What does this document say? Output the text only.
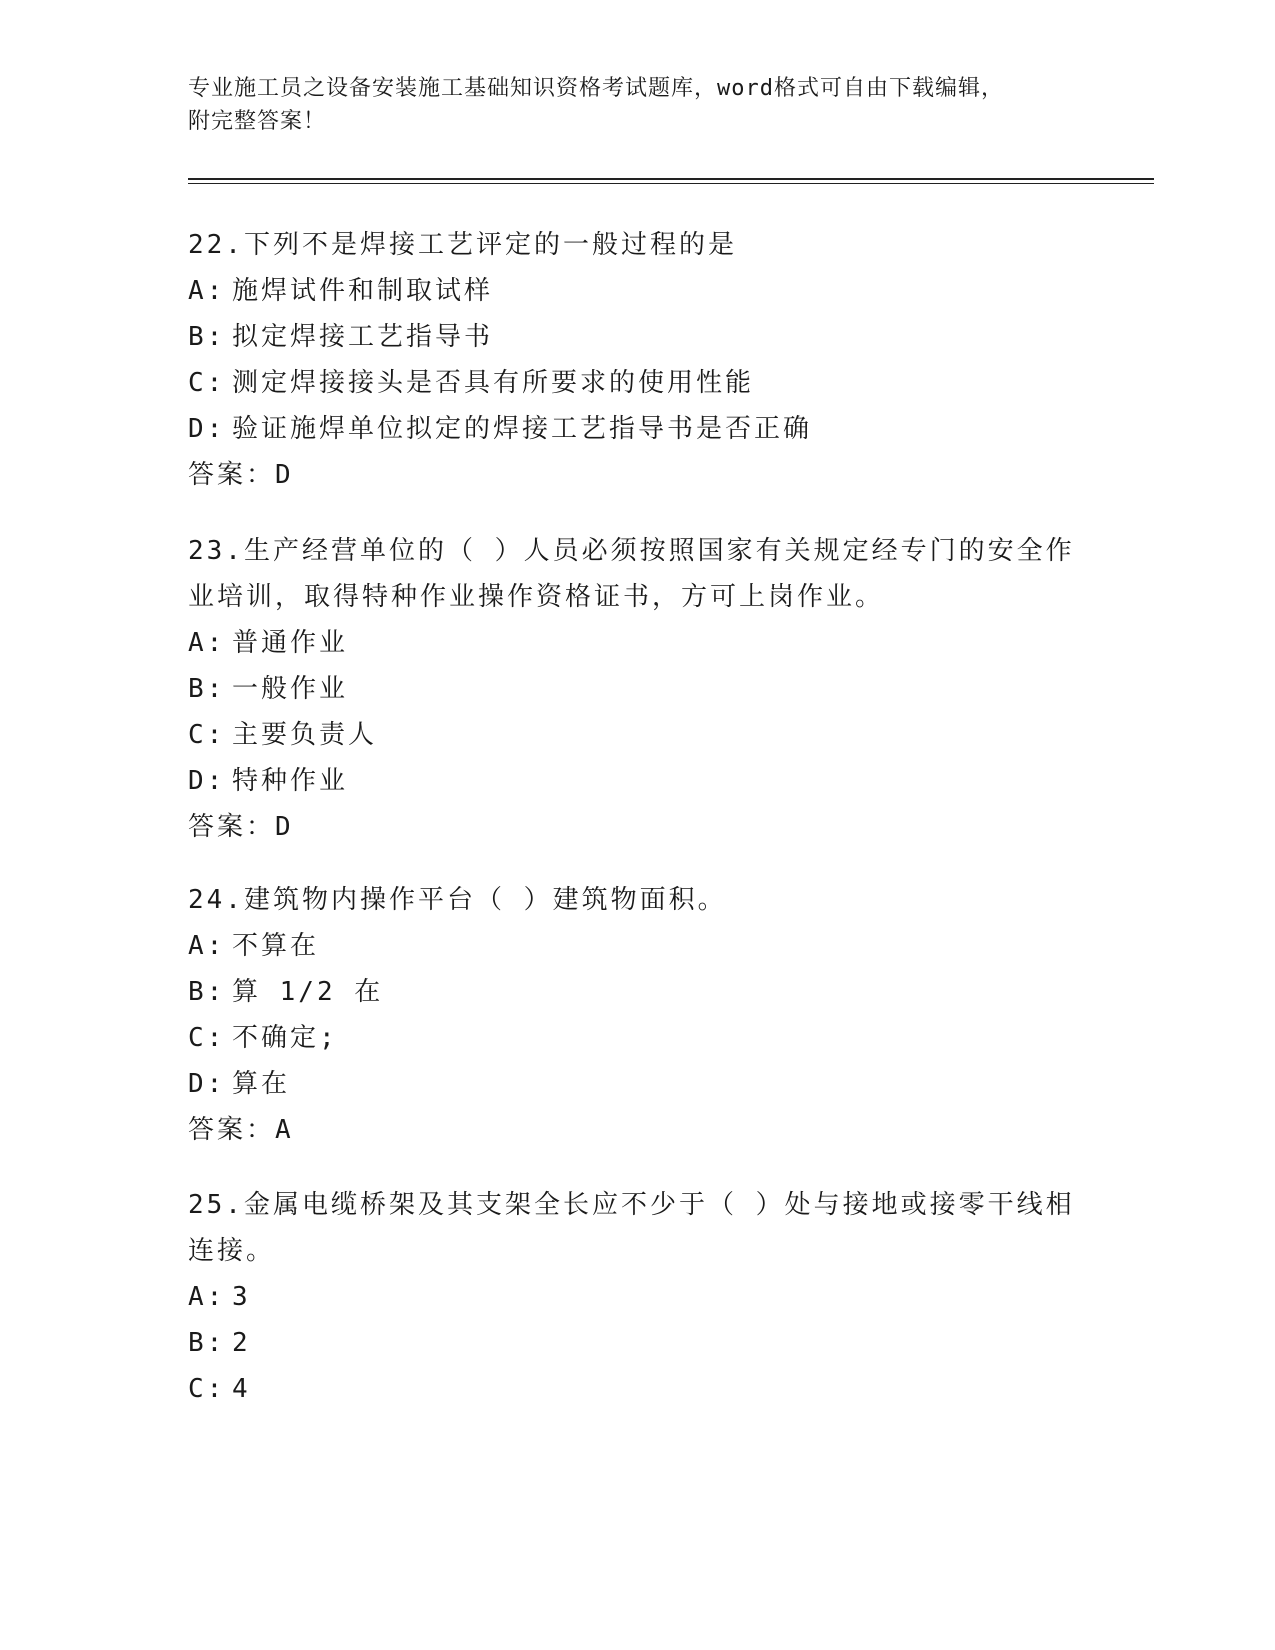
专业施工员之设备安装施工基础知识资格考试题库，word格式可自由下载编辑，
附完整答案！
22.下列不是焊接工艺评定的一般过程的是
A: 施焊试件和制取试样
B: 拟定焊接工艺指导书
C: 测定焊接接头是否具有所要求的使用性能
D: 验证施焊单位拟定的焊接工艺指导书是否正确
答案：D
23.生产经营单位的（ ）人员必须按照国家有关规定经专门的安全作
业培训，取得特种作业操作资格证书，方可上岗作业。
A: 普通作业
B: 一般作业
C: 主要负责人
D: 特种作业
答案：D
24.建筑物内操作平台（ ）建筑物面积。
A: 不算在
B: 算 1/2 在
C: 不确定;
D: 算在
答案：A
25.金属电缆桥架及其支架全长应不少于（ ）处与接地或接零干线相
连接。
A: 3
B: 2
C: 4
